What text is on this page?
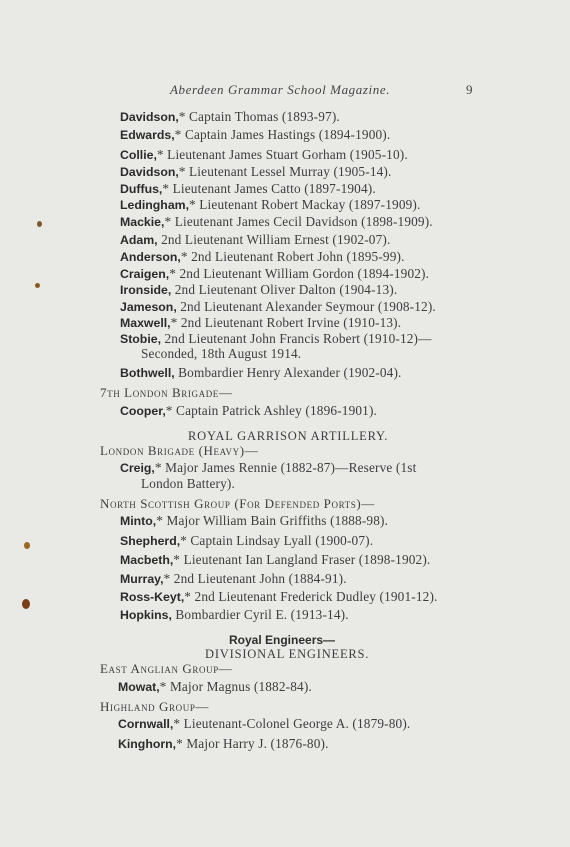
Aberdeen Grammar School Magazine.	9
Davidson,* Captain Thomas (1893-97).
Edwards,* Captain James Hastings (1894-1900).
Collie,* Lieutenant James Stuart Gorham (1905-10).
Davidson,* Lieutenant Lessel Murray (1905-14).
Duffus,* Lieutenant James Catto (1897-1904).
Ledingham,* Lieutenant Robert Mackay (1897-1909).
Mackie,* Lieutenant James Cecil Davidson (1898-1909).
Adam, 2nd Lieutenant William Ernest (1902-07).
Anderson,* 2nd Lieutenant Robert John (1895-99).
Craigen,* 2nd Lieutenant William Gordon (1894-1902).
Ironside, 2nd Lieutenant Oliver Dalton (1904-13).
Jameson, 2nd Lieutenant Alexander Seymour (1908-12).
Maxwell,* 2nd Lieutenant Robert Irvine (1910-13).
Stobie, 2nd Lieutenant John Francis Robert (1910-12)—
Seconded, 18th August 1914.
Bothwell, Bombardier Henry Alexander (1902-04).
7th London Brigade—
Cooper,* Captain Patrick Ashley (1896-1901).
ROYAL GARRISON ARTILLERY.
London Brigade (Heavy)—
Creig,* Major James Rennie (1882-87)—Reserve (1st
London Battery).
North Scottish Group (For Defended Ports)—
Minto,* Major William Bain Griffiths (1888-98).
Shepherd,* Captain Lindsay Lyall (1900-07).
Macbeth,* Lieutenant Ian Langland Fraser (1898-1902).
Murray,* 2nd Lieutenant John (1884-91).
Ross-Keyt,* 2nd Lieutenant Frederick Dudley (1901-12).
Hopkins, Bombardier Cyril E. (1913-14).
Royal Engineers—
DIVISIONAL ENGINEERS.
East Anglian Group—
Mowat,* Major Magnus (1882-84).
Highland Group—
Cornwall,* Lieutenant-Colonel George A. (1879-80).
Kinghorn,* Major Harry J. (1876-80).
